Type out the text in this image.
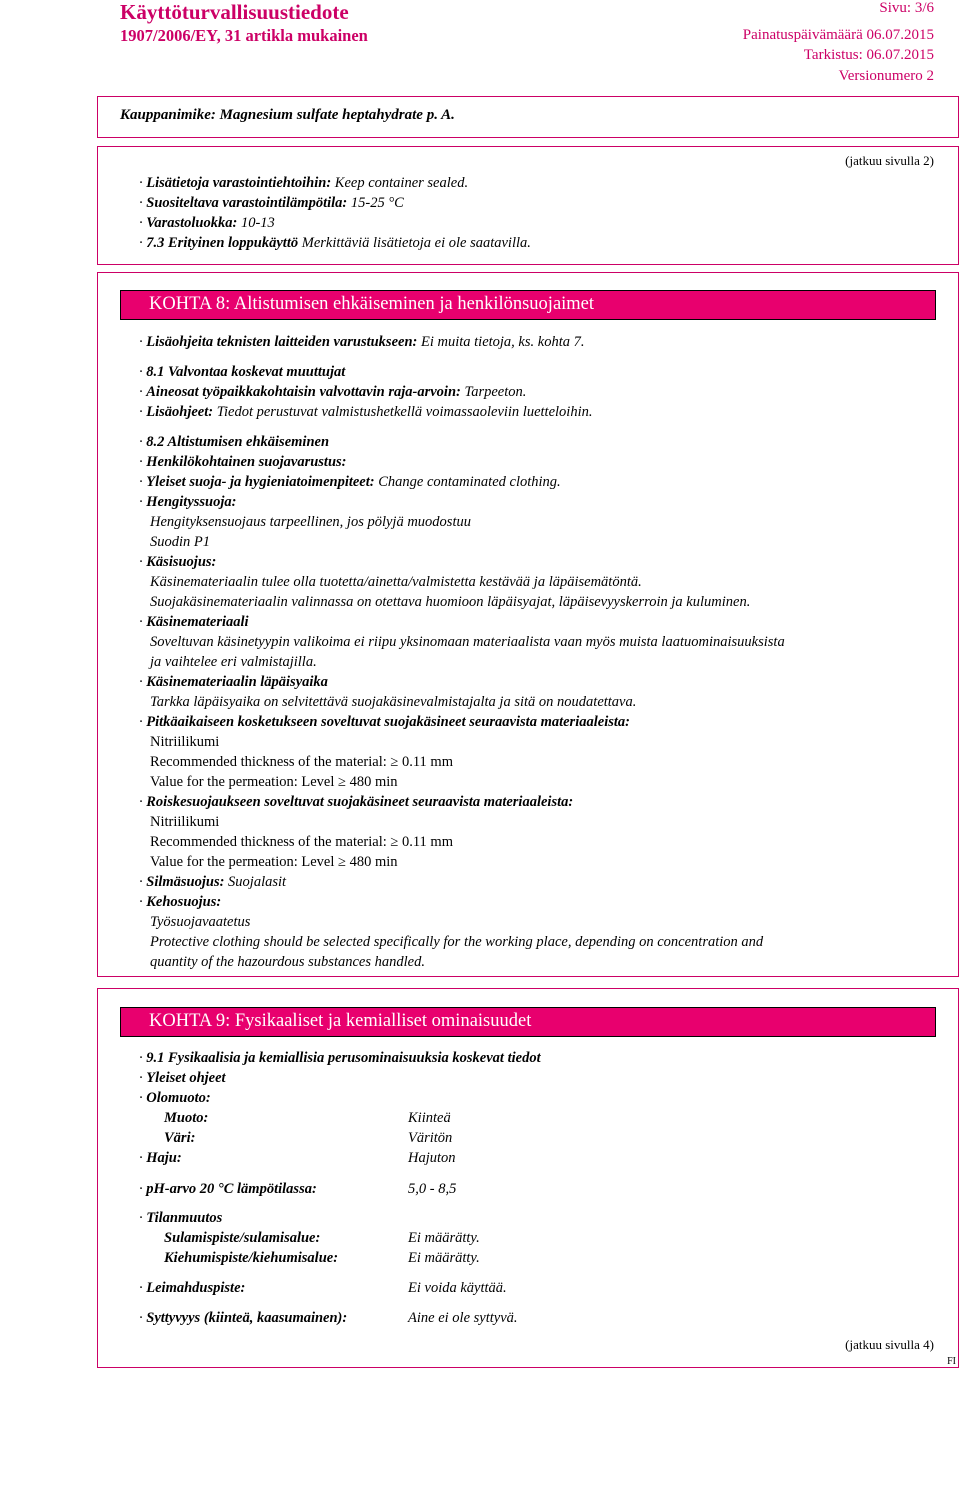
Käyttöturvallisuustiedote
1907/2006/EY, 31 artikla mukainen
Sivu: 3/6
Painatuspäivämäärä 06.07.2015
Tarkistus: 06.07.2015
Versionumero 2
Kauppanimike: Magnesium sulfate heptahydrate p. A.
(jatkuu sivulla 2)
· Lisätietoja varastointiehtoihin: Keep container sealed.
· Suositeltava varastointilämpötila: 15-25 °C
· Varastoluokka: 10-13
· 7.3 Erityinen loppukäyttö Merkittäviä lisätietoja ei ole saatavilla.
KOHTA 8: Altistumisen ehkäiseminen ja henkilönsuojaimet
· Lisäohjeita teknisten laitteiden varustukseen: Ei muita tietoja, ks. kohta 7.
· 8.1 Valvontaa koskevat muuttujat
· Aineosat työpaikkakohtaisin valvottavin raja-arvoin: Tarpeeton.
· Lisäohjeet: Tiedot perustuvat valmistushetkellä voimassaoleviin luetteloihin.
· 8.2 Altistumisen ehkäiseminen
· Henkilökohtainen suojavarustus:
· Yleiset suoja- ja hygieniatoimenpiteet: Change contaminated clothing.
· Hengityssuoja:
Hengityksensuojaus tarpeellinen, jos pölyjä muodostuu
Suodin P1
· Käsisuojus:
Käsinemateriaalin tulee olla tuotetta/ainetta/valmistetta kestävää ja läpäisemätöntä.
Suojakäsinemateriaalin valinnassa on otettava huomioon läpäisyajat, läpäisevyyskerroin ja kuluminen.
· Käsinemateriaali
Soveltuvan käsinetyypin valikoima ei riipu yksinomaan materiaalista vaan myös muista laatuominaisuuksista
ja vaihtelee eri valmistajilla.
· Käsinemateriaalin läpäisyaika
Tarkka läpäisyaika on selvitettävä suojakäsinevalmistajalta ja sitä on noudatettava.
· Pitkäaikaiseen kosketukseen soveltuvat suojakäsineet seuraavista materiaaleista:
Nitriilikumi
Recommended thickness of the material: ≥ 0.11 mm
Value for the permeation: Level ≥ 480 min
· Roiskesuojaukseen soveltuvat suojakäsineet seuraavista materiaaleista:
Nitriilikumi
Recommended thickness of the material: ≥ 0.11 mm
Value for the permeation: Level ≥ 480 min
· Silmäsuojus: Suojalasit
· Kehosuojus:
Työsuojavaatetus
Protective clothing should be selected specifically for the working place, depending on concentration and
quantity of the hazourdous substances handled.
KOHTA 9: Fysikaaliset ja kemialliset ominaisuudet
· 9.1 Fysikaalisia ja kemiallisia perusominaisuuksia koskevat tiedot
· Yleiset ohjeet
· Olomuoto:
Muoto:	Kiinteä
Väri:	Väritön
· Haju:	Hajuton
· pH-arvo 20 °C lämpötilassa:	5,0 - 8,5
· Tilanmuutos
Sulamispiste/sulamisalue:	Ei määrätty.
Kiehumispiste/kiehumisalue:	Ei määrätty.
· Leimahduspiste:	Ei voida käyttää.
· Syttyvyys (kiinteä, kaasumainen):	Aine ei ole syttyvä.
(jatkuu sivulla 4)
FI
